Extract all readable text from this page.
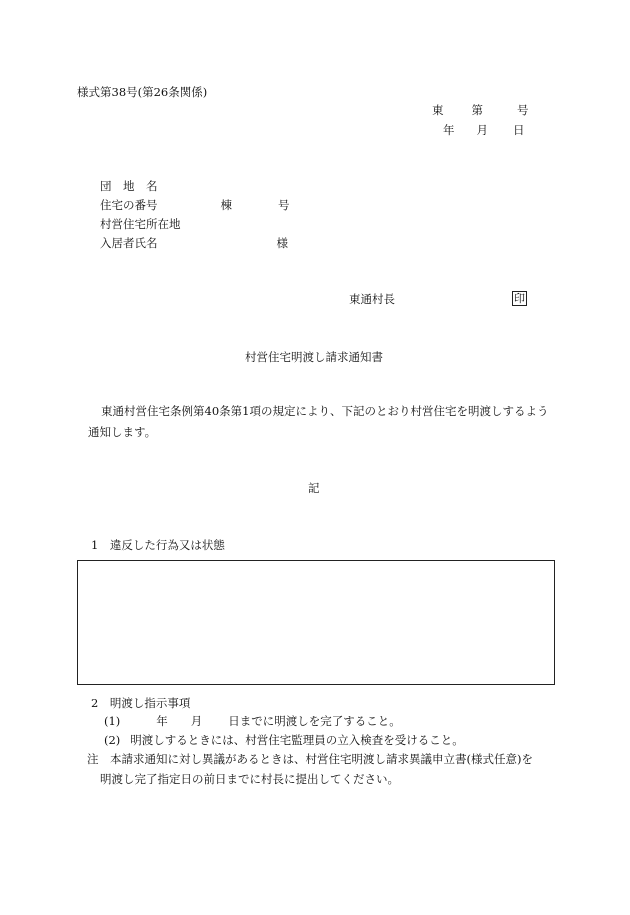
様式第38号(第26条関係)
東 第	号
年 月 日
団　地　名
住宅の番号	棟	号
村営住宅所在地
入居者氏名	様
東通村長	印
村営住宅明渡し請求通知書
東通村営住宅条例第40条第1項の規定により、下記のとおり村営住宅を明渡しするよう
通知します。
記
1　違反した行為又は状態
2　明渡し指示事項
(1)	年 月 日までに明渡しを完了すること。
(2) 明渡しするときには、村営住宅監理員の立入検査を受けること。
注　本請求通知に対し異議があるときは、村営住宅明渡し請求異議申立書(様式任意)を
明渡し完了指定日の前日までに村長に提出してください。
